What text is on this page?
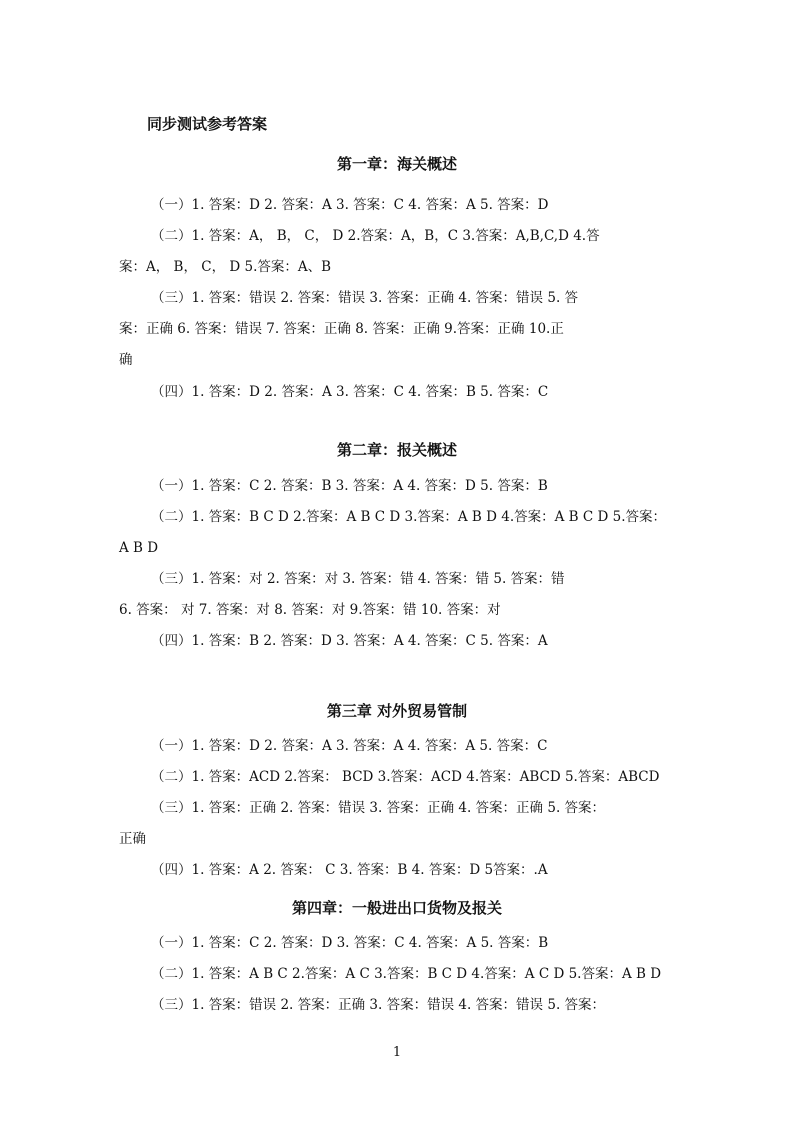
同步测试参考答案
第一章：海关概述
（一）1. 答案：D 2. 答案：A 3. 答案：C 4. 答案：A 5. 答案：D
（二）1. 答案：A， B， C， D 2.答案：A，B，C 3.答案：A,B,C,D 4.答
案：A， B， C， D 5.答案：A、B
（三）1. 答案：错误 2. 答案：错误 3. 答案：正确 4. 答案：错误 5. 答
案：正确 6. 答案：错误 7. 答案：正确 8. 答案：正确 9.答案：正确 10.正
确
（四）1. 答案：D 2. 答案：A 3. 答案：C 4. 答案：B 5. 答案：C
第二章：报关概述
（一）1. 答案：C 2. 答案：B 3. 答案：A 4. 答案：D 5. 答案：B
（二）1. 答案：B C D 2.答案：A B C D 3.答案：A B D 4.答案：A B C D 5.答案：
A B D
（三）1. 答案：对 2. 答案：对 3. 答案：错 4. 答案：错 5. 答案：错
6. 答案： 对 7. 答案：对 8. 答案：对 9.答案：错 10. 答案：对
（四）1. 答案：B 2. 答案：D 3. 答案：A 4. 答案：C 5. 答案：A
第三章 对外贸易管制
（一）1. 答案：D 2. 答案：A 3. 答案：A 4. 答案：A 5. 答案：C
（二）1. 答案：ACD 2.答案： BCD 3.答案：ACD 4.答案：ABCD 5.答案：ABCD
（三）1. 答案：正确 2. 答案：错误 3. 答案：正确 4. 答案：正确 5. 答案：
正确
（四）1. 答案：A 2. 答案： C 3. 答案：B 4. 答案：D 5答案：.A
第四章：一般进出口货物及报关
（一）1. 答案：C 2. 答案：D 3. 答案：C 4. 答案：A 5. 答案：B
（二）1. 答案：A B C 2.答案：A C 3.答案：B C D 4.答案：A C D 5.答案：A B D
（三）1. 答案：错误 2. 答案：正确 3. 答案：错误 4. 答案：错误 5. 答案：
1
